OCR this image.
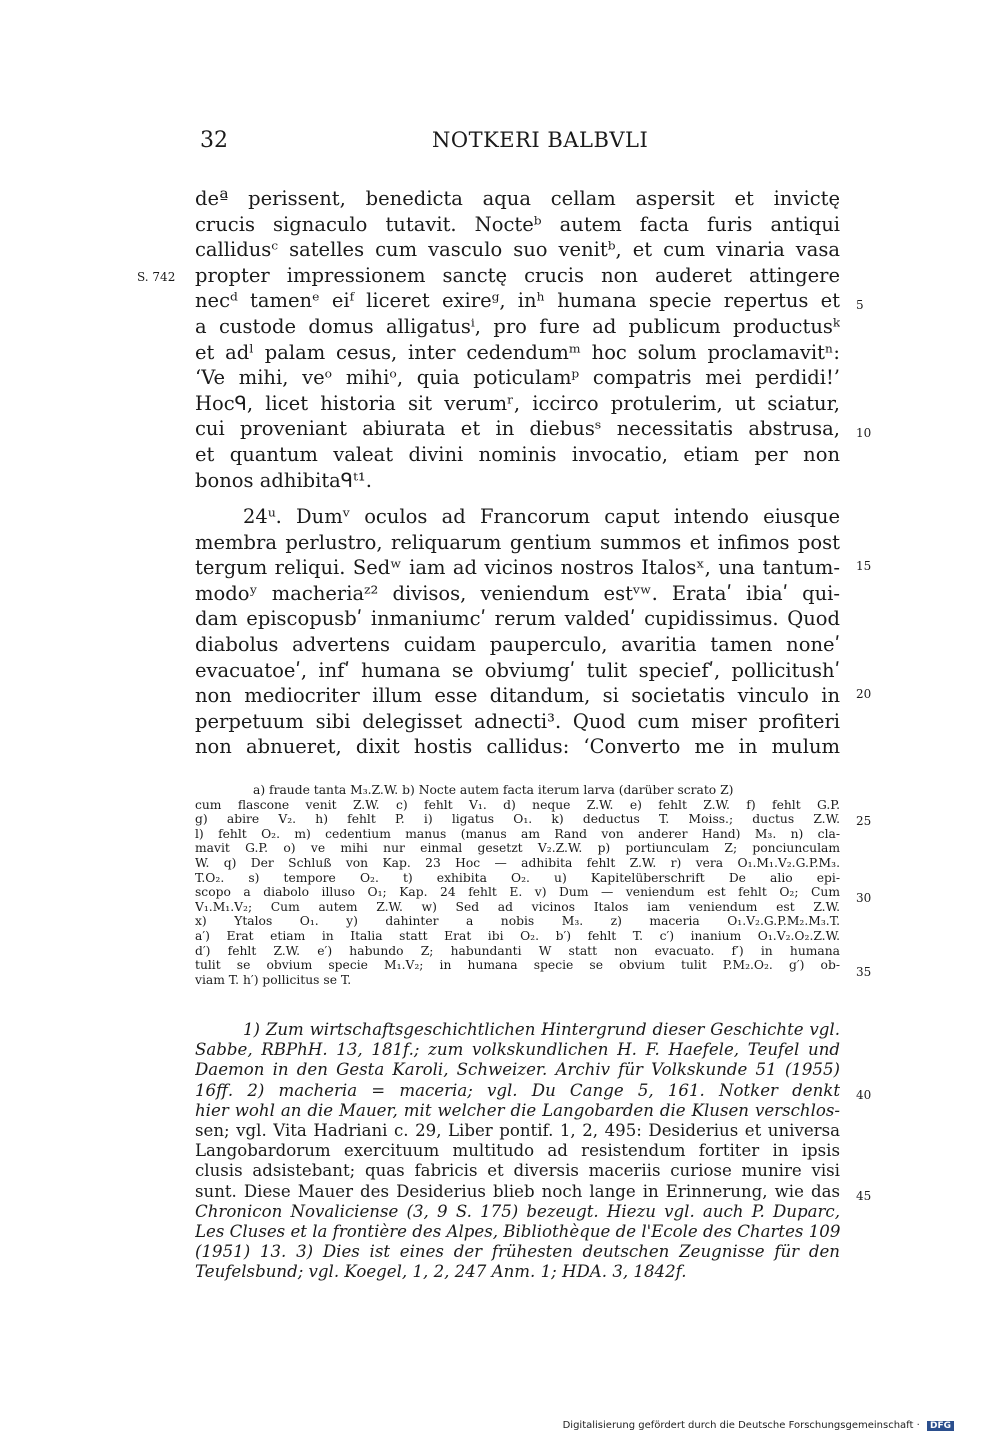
32	NOTKERI BALBVLI
deª perissent, benedicta aqua cellam aspersit et invictę
crucis signaculo tutavit. Nocteᵇ autem facta furis antiqui
callidusᶜ satelles cum vasculo suo venitᵇ, et cum vinaria vasa
propter impressionem sanctę crucis non auderet attingere
necᵈ tamenᵉ eiᶠ liceret exireᵍ, inʰ humana specie repertus et
a custode domus alligatusⁱ, pro fure ad publicum productusᵏ
et adˡ palam cesus, inter cedendumᵐ hoc solum proclamavitⁿ:
‘Ve mihi, veᵒ mihiᵒ, quia poticulamᵖ compatris mei perdidi!’
Hocᑫ, licet historia sit verumʳ, iccirco protulerim, ut sciatur,
cui proveniant abiurata et in diebusˢ necessitatis abstrusa,
et quantum valeat divini nominis invocatio, etiam per non
bonos adhibitaᑫᵗ¹.
24ᵘ. Dumᵛ oculos ad Francorum caput intendo eiusque
membra perlustro, reliquarum gentium summos et infimos post
tergum reliqui. Sedʷ iam ad vicinos nostros Italosˣ, una tantum-
modoʸ macheriaᶻ² divisos, veniendum estᵛʷ. Erataʹ ibiaʹ qui-
dam episcopusbʹ inmaniumcʹ rerum valdedʹ cupidissimus. Quod
diabolus advertens cuidam pauperculo, avaritia tamen noneʹ
evacuatoeʹ, infʹ humana se obviumgʹ tulit speciefʹ, pollicitushʹ
non mediocriter illum esse ditandum, si societatis vinculo in
perpetuum sibi delegisset adnecti³. Quod cum miser profiteri
non abnueret, dixit hostis callidus: ‘Converto me in mulum
S. 742
5
10
15
20
a) fraude tanta M₃.Z.W. b) Nocte autem facta iterum larva (darüber scrato Z)
cum flascone venit Z.W. c) fehlt V₁. d) neque Z.W. e) fehlt Z.W. f) fehlt G.P.
g) abire V₂. h) fehlt P. i) ligatus O₁. k) deductus T. Moiss.; ductus Z.W.
l) fehlt O₂. m) cedentium manus (manus am Rand von anderer Hand) M₃. n) cla-
mavit G.P. o) ve mihi nur einmal gesetzt V₂.Z.W. p) portiunculam Z; ponciunculam
W. q) Der Schluß von Kap. 23 Hoc — adhibita fehlt Z.W. r) vera O₁.M₁.V₂.G.P.M₃.
T.O₂. s) tempore O₂. t) exhibita O₂. u) Kapitelüberschrift De alio epi-
scopo a diabolo illuso O₁; Kap. 24 fehlt E. v) Dum — veniendum est fehlt O₂; Cum
V₁.M₁.V₂; Cum autem Z.W. w) Sed ad vicinos Italos iam veniendum est Z.W.
x) Ytalos O₁. y) dahinter a nobis M₃. z) maceria O₁.V₂.G.P.M₂.M₃.T.
a′) Erat etiam in Italia statt Erat ibi O₂. b′) fehlt T. c′) inanium O₁.V₂.O₂.Z.W.
d′) fehlt Z.W. e′) habundo Z; habundanti W statt non evacuato. f′) in humana
tulit se obvium specie M₁.V₂; in humana specie se obvium tulit P.M₂.O₂. g′) ob-
viam T. h′) pollicitus se T.
25
30
35
1) Zum wirtschaftsgeschichtlichen Hintergrund dieser Geschichte vgl.
Sabbe, RBPhH. 13, 181f.; zum volkskundlichen H. F. Haefele, Teufel und
Daemon in den Gesta Karoli, Schweizer. Archiv für Volkskunde 51 (1955)
16ff. 2) macheria = maceria; vgl. Du Cange 5, 161. Notker denkt
hier wohl an die Mauer, mit welcher die Langobarden die Klusen verschlos-
sen; vgl. Vita Hadriani c. 29, Liber pontif. 1, 2, 495: Desiderius et universa
Langobardorum exercituum multitudo ad resistendum fortiter in ipsis
clusis adsistebant; quas fabricis et diversis maceriis curiose munire visi
sunt. Diese Mauer des Desiderius blieb noch lange in Erinnerung, wie das
Chronicon Novaliciense (3, 9 S. 175) bezeugt. Hiezu vgl. auch P. Duparc,
Les Cluses et la frontière des Alpes, Bibliothèque de l'Ecole des Chartes 109
(1951) 13. 3) Dies ist eines der frühesten deutschen Zeugnisse für den
Teufelsbund; vgl. Koegel, 1, 2, 247 Anm. 1; HDA. 3, 1842f.
40
45
Digitalisierung gefördert durch die Deutsche Forschungsgemeinschaft · DFG
